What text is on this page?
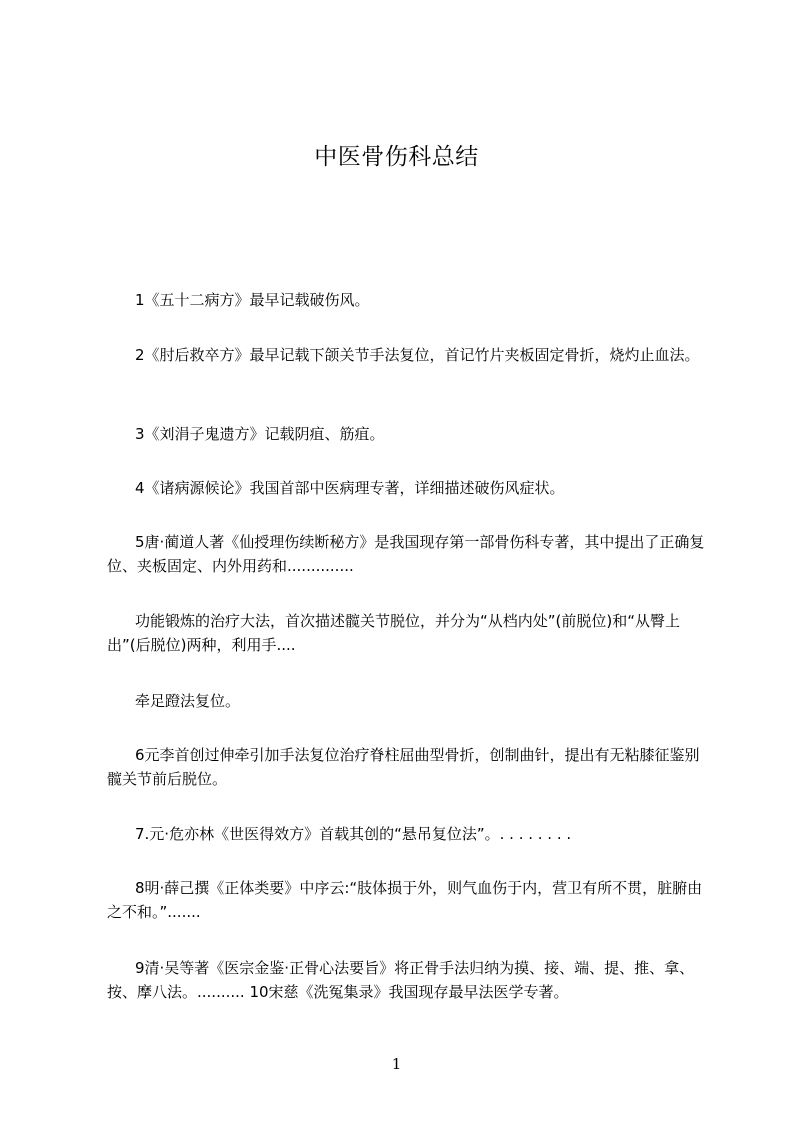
中医骨伤科总结

1《五十二病方》最早记载破伤风。

2《肘后救卒方》最早记载下颌关节手法复位，首记竹片夹板固定骨折，烧灼止血法。

3《刘涓子鬼遗方》记载阴疽、筋疽。

4《诸病源候论》我国首部中医病理专著，详细描述破伤风症状。

5唐·蔺道人著《仙授理伤续断秘方》是我国现存第一部骨伤科专著，其中提出了正确复位、夹板固定、内外用药和..............

功能锻炼的治疗大法，首次描述髋关节脱位，并分为“从档内处”(前脱位)和“从臀上出”(后脱位)两种，利用手....

牵足蹬法复位。

6元李首创过伸牵引加手法复位治疗脊柱屈曲型骨折，创制曲针，提出有无粘膝征鉴别髋关节前后脱位。

7.元·危亦林《世医得效方》首载其创的“悬吊复位法”。. . . . . . . .

8明·薛己撰《正体类要》中序云:“肢体损于外，则气血伤于内，营卫有所不贯，脏腑由之不和。”.......

9清·吴等著《医宗金鉴·正骨心法要旨》将正骨手法归纳为摸、接、端、提、推、拿、按、摩八法。.......... 10宋慈《洗冤集录》我国现存最早法医学专著。

1
